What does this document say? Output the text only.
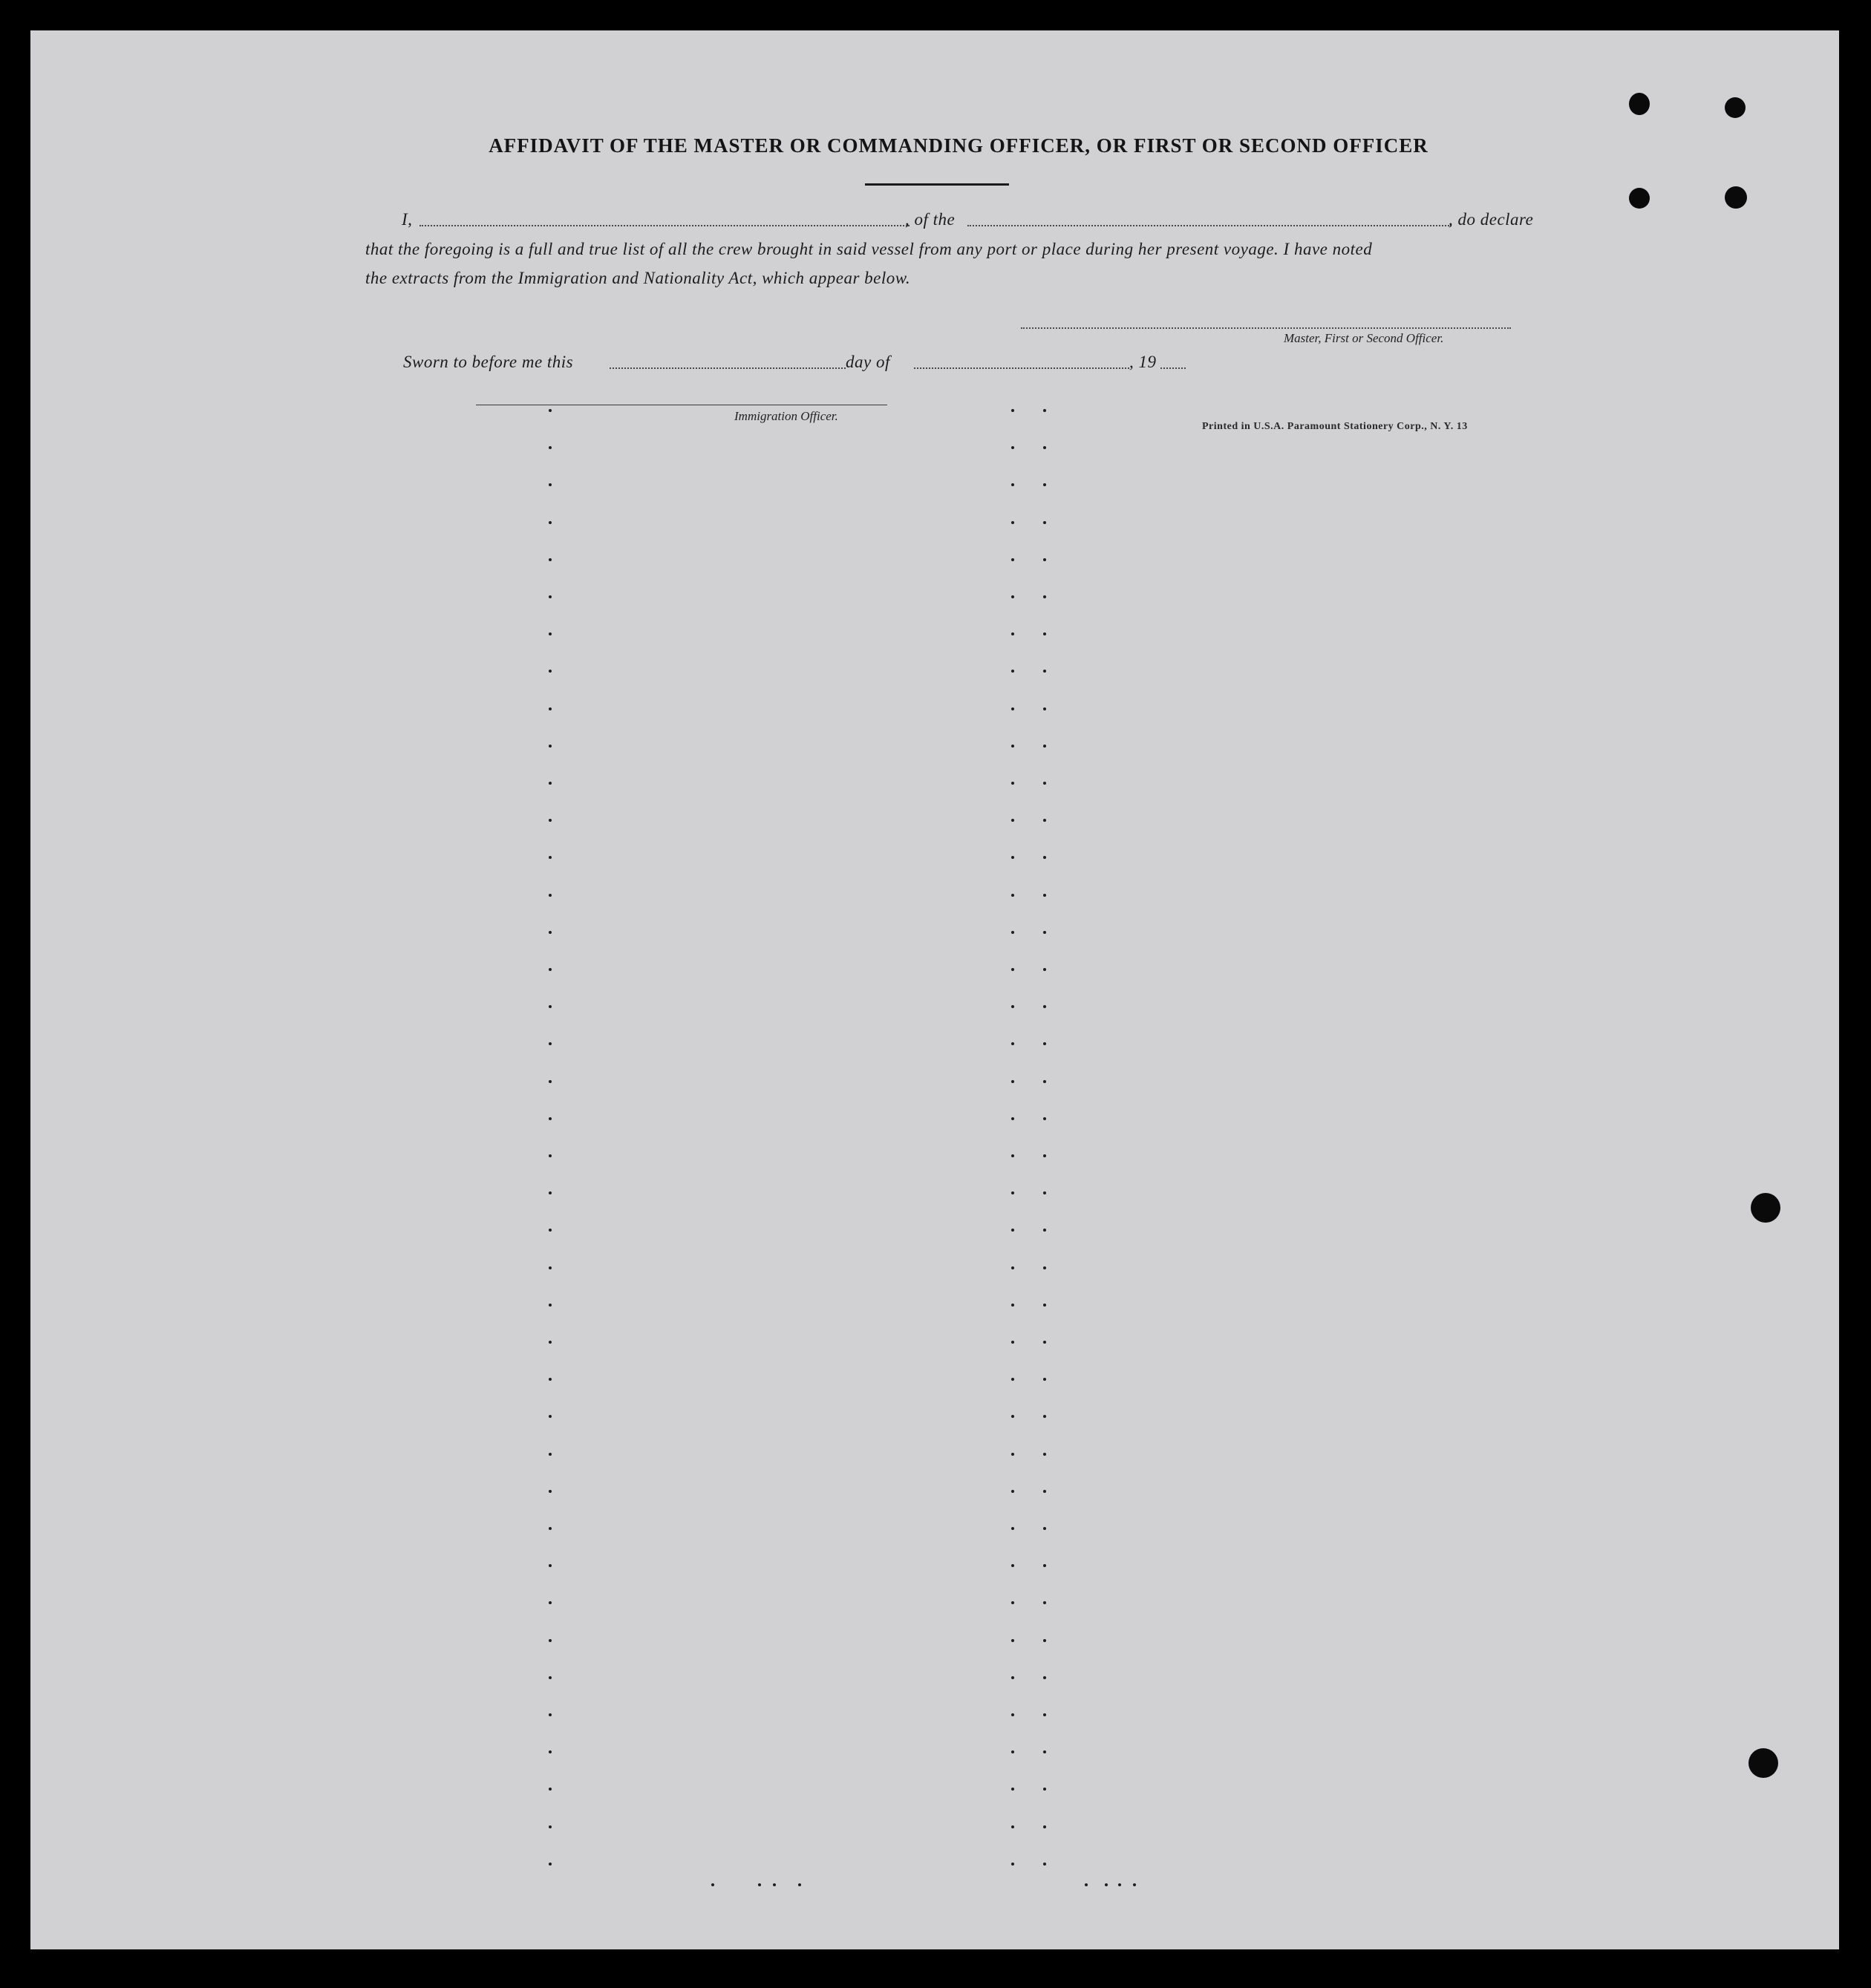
AFFIDAVIT OF THE MASTER OR COMMANDING OFFICER, OR FIRST OR SECOND OFFICER
I,	, of the	, do declare
that the foregoing is a full and true list of all the crew brought in said vessel from any port or place during her present voyage. I have noted
the extracts from the Immigration and Nationality Act, which appear below.
Master, First or Second Officer.
Sworn to before me this	day of	, 19
Immigration Officer.
Printed in U.S.A. Paramount Stationery Corp., N. Y. 13
